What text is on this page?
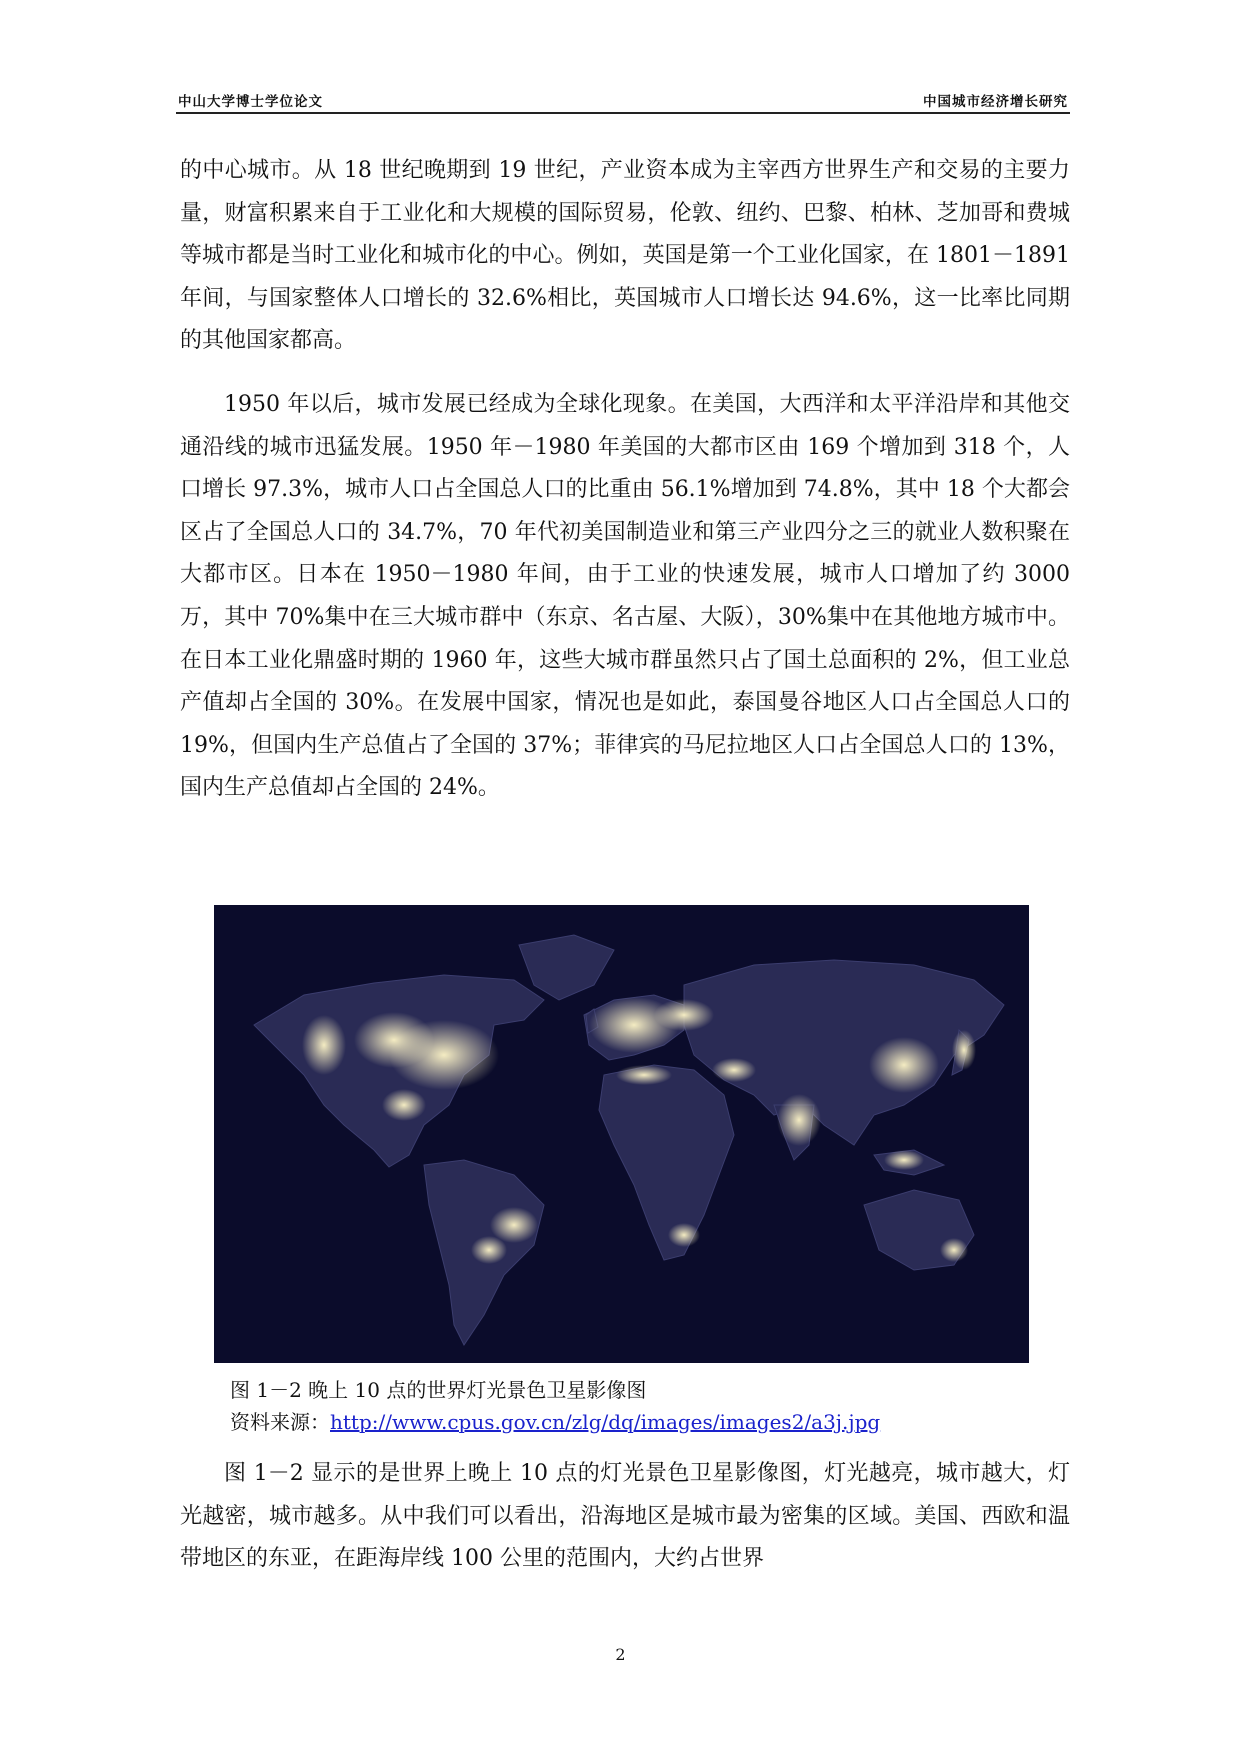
中山大学博士学位论文	中国城市经济增长研究

的中心城市。从 18 世纪晚期到 19 世纪，产业资本成为主宰西方世界生产和交易的主要力量，财富积累来自于工业化和大规模的国际贸易，伦敦、纽约、巴黎、柏林、芝加哥和费城等城市都是当时工业化和城市化的中心。例如，英国是第一个工业化国家，在 1801－1891 年间，与国家整体人口增长的 32.6%相比，英国城市人口增长达 94.6%，这一比率比同期的其他国家都高。

1950 年以后，城市发展已经成为全球化现象。在美国，大西洋和太平洋沿岸和其他交通沿线的城市迅猛发展。1950 年－1980 年美国的大都市区由 169 个增加到 318 个，人口增长 97.3%，城市人口占全国总人口的比重由 56.1%增加到 74.8%，其中 18 个大都会区占了全国总人口的 34.7%，70 年代初美国制造业和第三产业四分之三的就业人数积聚在大都市区。日本在 1950－1980 年间，由于工业的快速发展，城市人口增加了约 3000 万，其中 70%集中在三大城市群中（东京、名古屋、大阪），30%集中在其他地方城市中。在日本工业化鼎盛时期的 1960 年，这些大城市群虽然只占了国土总面积的 2%，但工业总产值却占全国的 30%。在发展中国家，情况也是如此，泰国曼谷地区人口占全国总人口的 19%，但国内生产总值占了全国的 37%；菲律宾的马尼拉地区人口占全国总人口的 13%，国内生产总值却占全国的 24%。

图 1－2 晚上 10 点的世界灯光景色卫星影像图
资料来源：http://www.cpus.gov.cn/zlg/dq/images/images2/a3j.jpg

图 1－2 显示的是世界上晚上 10 点的灯光景色卫星影像图，灯光越亮，城市越大，灯光越密，城市越多。从中我们可以看出，沿海地区是城市最为密集的区域。美国、西欧和温带地区的东亚，在距海岸线 100 公里的范围内，大约占世界

2
